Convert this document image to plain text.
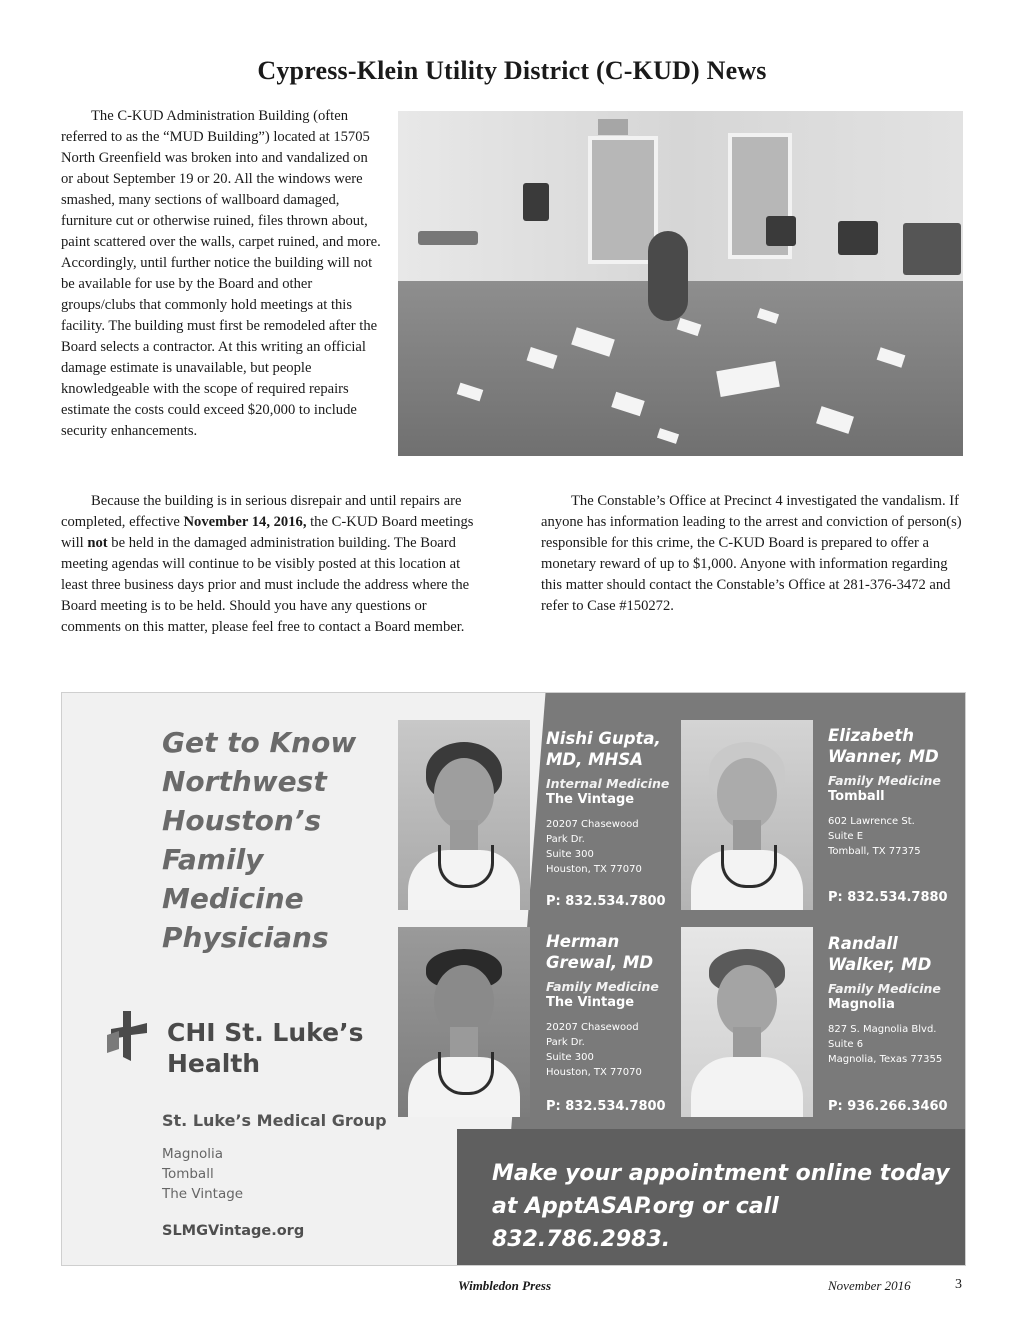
Cypress-Klein Utility District (C-KUD) News

The C-KUD Administration Building (often referred to as the “MUD Building”) located at 15705 North Greenfield was broken into and vandalized on or about September 19 or 20. All the windows were smashed, many sections of wallboard damaged, furniture cut or otherwise ruined, files thrown about, paint scattered over the walls, carpet ruined, and more. Accordingly, until further notice the building will not be available for use by the Board and other groups/clubs that commonly hold meetings at this facility. The building must first be remodeled after the Board selects a contractor. At this writing an official damage estimate is unavailable, but people knowledgeable with the scope of required repairs estimate the costs could exceed $20,000 to include security enhancements.

Because the building is in serious disrepair and until repairs are completed, effective November 14, 2016, the C-KUD Board meetings will not be held in the damaged administration building. The Board meeting agendas will continue to be visibly posted at this location at least three business days prior and must include the address where the Board meeting is to be held. Should you have any questions or comments on this matter, please feel free to contact a Board member.

The Constable’s Office at Precinct 4 investigated the vandalism. If anyone has information leading to the arrest and conviction of person(s) responsible for this crime, the C-KUD Board is prepared to offer a monetary reward of up to $1,000. Anyone with information regarding this matter should contact the Constable’s Office at 281-376-3472 and refer to Case #150272.

Get to Know
Northwest
Houston’s
Family
Medicine
Physicians
CHI St. Luke’s
Health
St. Luke’s Medical Group
Magnolia
Tomball
The Vintage
SLMGVintage.org

Nishi Gupta,
MD, MHSA

Internal Medicine

The Vintage

20207 Chasewood
Park Dr.
Suite 300
Houston, TX 77070

P: 832.534.7800

Elizabeth
Wanner, MD

Family Medicine

Tomball

602 Lawrence St.
Suite E
Tomball, TX 77375

P: 832.534.7880

Herman
Grewal, MD

Family Medicine

The Vintage

20207 Chasewood
Park Dr.
Suite 300
Houston, TX 77070

P: 832.534.7800

Randall
Walker, MD

Family Medicine

Magnolia

827 S. Magnolia Blvd.
Suite 6
Magnolia, Texas 77355

P: 936.266.3460
Make your appointment online today
at ApptASAP.org or call 832.786.2983.
Wimbledon Press	November 2016	3
